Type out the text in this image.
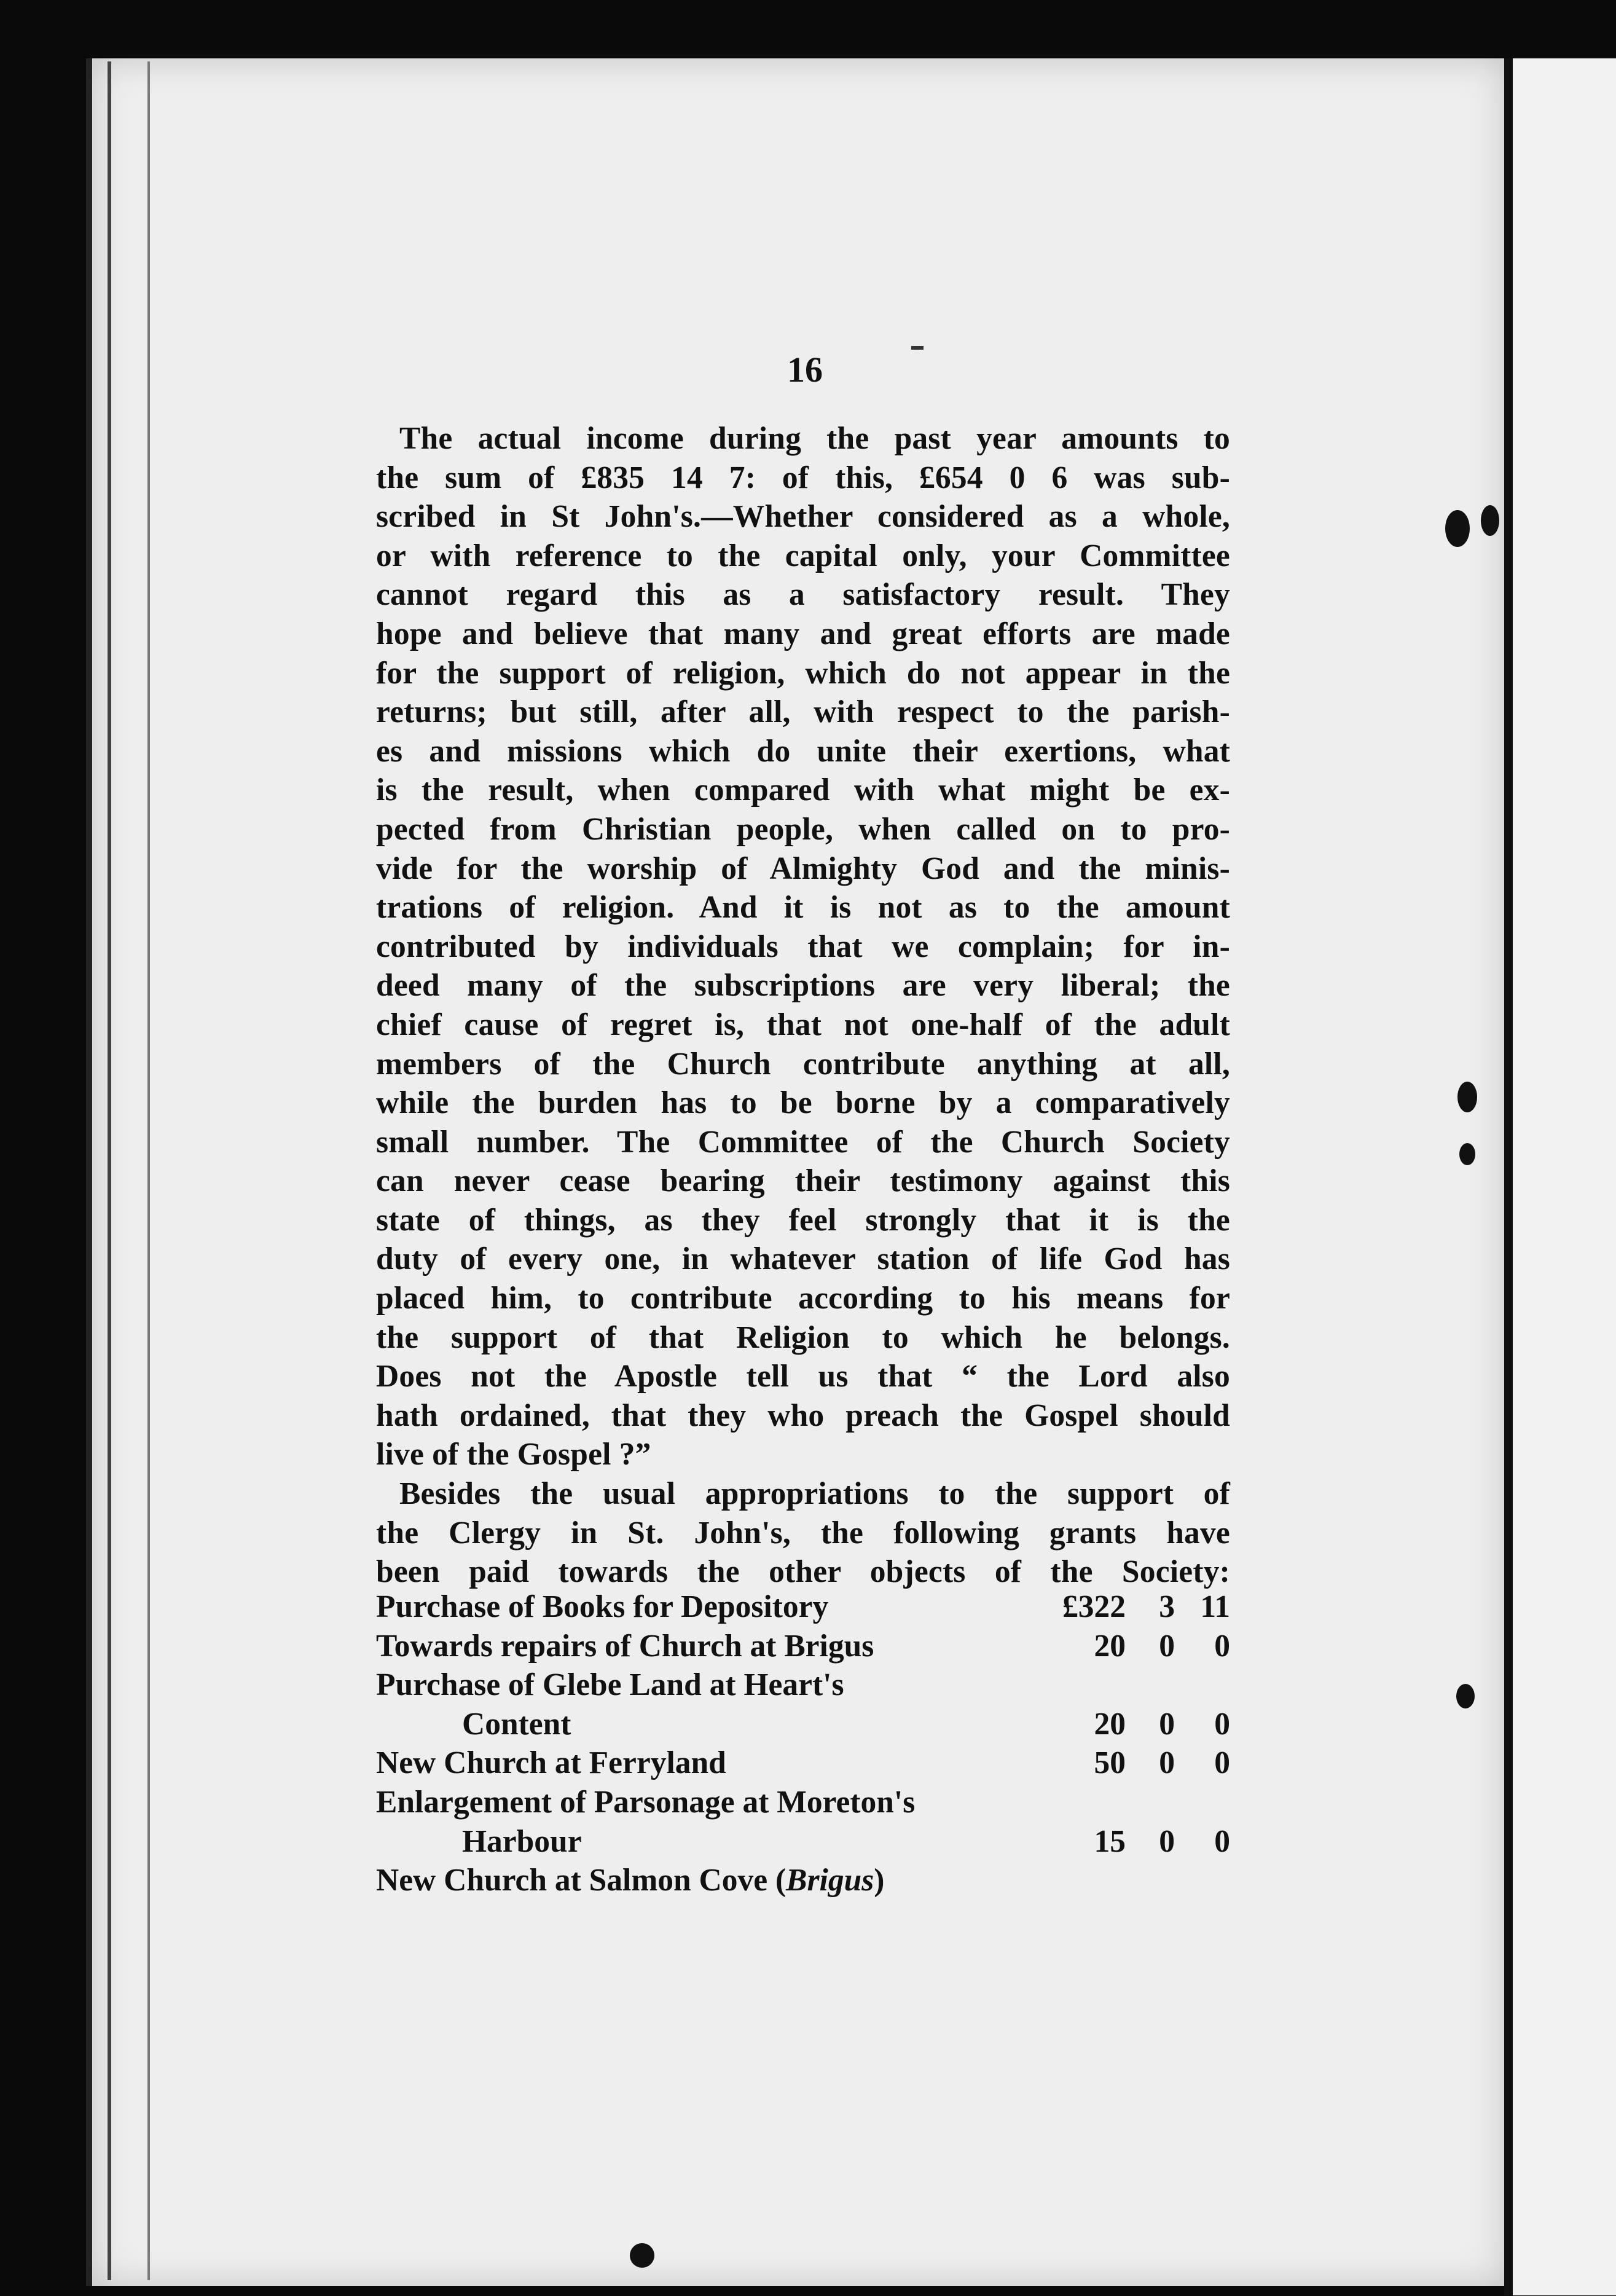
16
The actual income during the past year amounts to
the sum of £835 14 7: of this, £654 0 6 was sub-
scribed in St John's.—Whether considered as a whole,
or with reference to the capital only, your Committee
cannot regard this as a satisfactory result. They
hope and believe that many and great efforts are made
for the support of religion, which do not appear in the
returns; but still, after all, with respect to the parish-
es and missions which do unite their exertions, what
is the result, when compared with what might be ex-
pected from Christian people, when called on to pro-
vide for the worship of Almighty God and the minis-
trations of religion. And it is not as to the amount
contributed by individuals that we complain; for in-
deed many of the subscriptions are very liberal; the
chief cause of regret is, that not one-half of the adult
members of the Church contribute anything at all,
while the burden has to be borne by a comparatively
small number. The Committee of the Church Society
can never cease bearing their testimony against this
state of things, as they feel strongly that it is the
duty of every one, in whatever station of life God has
placed him, to contribute according to his means for
the support of that Religion to which he belongs.
Does not the Apostle tell us that “ the Lord also
hath ordained, that they who preach the Gospel should
live of the Gospel ?”
Besides the usual appropriations to the support of
the Clergy in St. John's, the following grants have
been paid towards the other objects of the Society:
Purchase of Books for Depository	£322	3 11
Towards repairs of Church at Brigus	20	0	0
Purchase of Glebe Land at Heart's
Content	20	0	0
New Church at Ferryland	50	0	0
Enlargement of Parsonage at Moreton's
Harbour	15	0	0
New Church at Salmon Cove (Brigus)
